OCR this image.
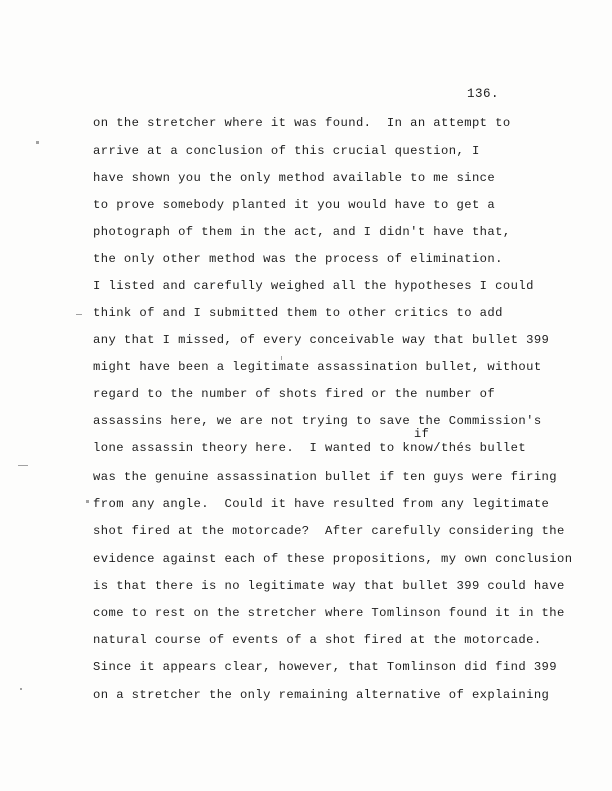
136.
on the stretcher where it was found.  In an attempt to
arrive at a conclusion of this crucial question, I
have shown you the only method available to me since
to prove somebody planted it you would have to get a
photograph of them in the act, and I didn't have that,
the only other method was the process of elimination.
I listed and carefully weighed all the hypotheses I could
think of and I submitted them to other critics to add
any that I missed, of every conceivable way that bullet 399
might have been a legitimate assassination bullet, without
regard to the number of shots fired or the number of
assassins here, we are not trying to save the Commission's
if
lone assassin theory here.  I wanted to know/thés bullet
was the genuine assassination bullet if ten guys were firing
from any angle.  Could it have resulted from any legitimate
shot fired at the motorcade?  After carefully considering the
evidence against each of these propositions, my own conclusion
is that there is no legitimate way that bullet 399 could have
come to rest on the stretcher where Tomlinson found it in the
natural course of events of a shot fired at the motorcade.
Since it appears clear, however, that Tomlinson did find 399
on a stretcher the only remaining alternative of explaining
